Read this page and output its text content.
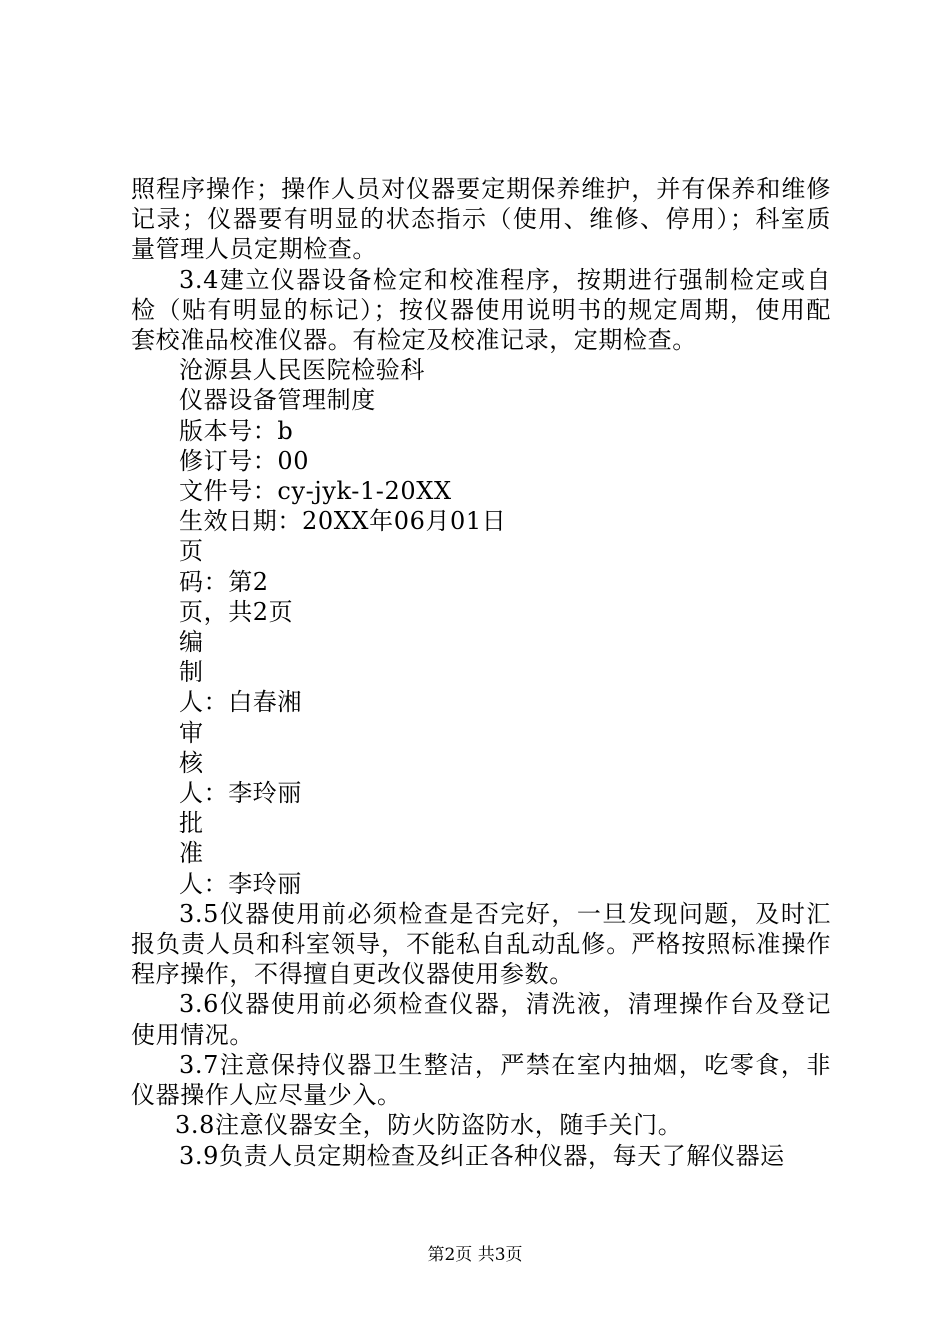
照程序操作；操作人员对仪器要定期保养维护，并有保养和维修记录；仪器要有明显的状态指示（使用、维修、停用）；科室质量管理人员定期检查。

3.4建立仪器设备检定和校准程序，按期进行强制检定或自检（贴有明显的标记）；按仪器使用说明书的规定周期，使用配套校准品校准仪器。有检定及校准记录，定期检查。

沧源县人民医院检验科

仪器设备管理制度

版本号：b

修订号：00

文件号：cy-jyk-1-20XX

生效日期：20XX年06月01日

页

码：第2

页，共2页

编

制

人：白春湘

审

核

人：李玲丽

批

准

人：李玲丽

3.5仪器使用前必须检查是否完好，一旦发现问题，及时汇报负责人员和科室领导，不能私自乱动乱修。严格按照标准操作程序操作，不得擅自更改仪器使用参数。

3.6仪器使用前必须检查仪器，清洗液，清理操作台及登记使用情况。

3.7注意保持仪器卫生整洁，严禁在室内抽烟，吃零食，非仪器操作人应尽量少入。

3.8注意仪器安全，防火防盗防水，随手关门。

3.9负责人员定期检查及纠正各种仪器，每天了解仪器运

第2页 共3页
